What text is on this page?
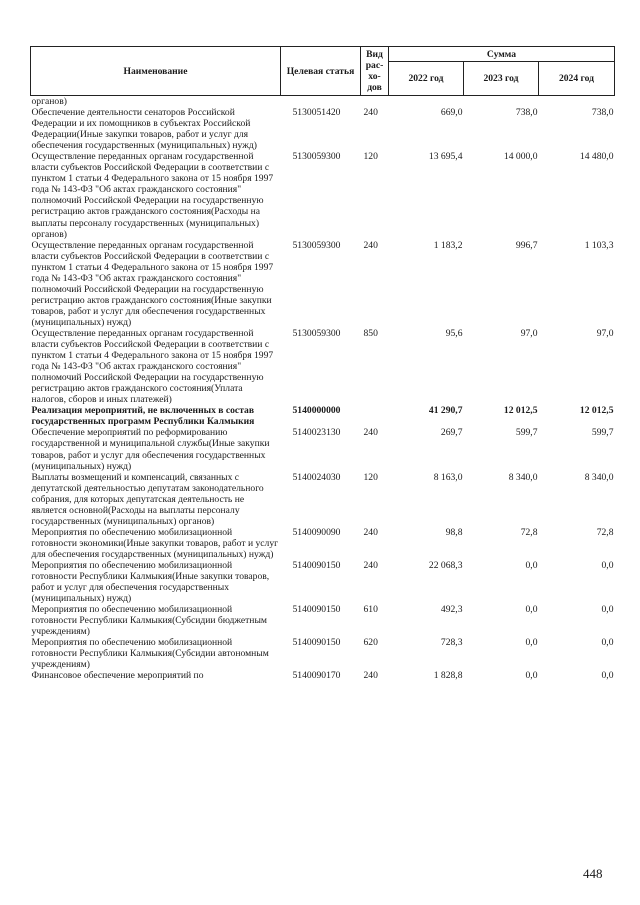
Наименование	Целевая статья	Вид рас-хо-дов	Сумма		
			2022 год	2023 год	2024 год
органов)					
Обеспечение деятельности сенаторов Российской Федерации и их помощников в субъектах Российской Федерации(Иные закупки товаров, работ и услуг для обеспечения государственных (муниципальных) нужд)	5130051420	240	669,0	738,0	738,0
Осуществление переданных органам государственной власти субъектов Российской Федерации в соответствии с пунктом 1 статьи 4 Федерального закона от 15 ноября 1997 года № 143-ФЗ "Об актах гражданского состояния" полномочий Российской Федерации на государственную регистрацию актов гражданского состояния(Расходы на выплаты персоналу государственных (муниципальных) органов)	5130059300	120	13 695,4	14 000,0	14 480,0
Осуществление переданных органам государственной власти субъектов Российской Федерации в соответствии с пунктом 1 статьи 4 Федерального закона от 15 ноября 1997 года № 143-ФЗ "Об актах гражданского состояния" полномочий Российской Федерации на государственную регистрацию актов гражданского состояния(Иные закупки товаров, работ и услуг для обеспечения государственных (муниципальных) нужд)	5130059300	240	1 183,2	996,7	1 103,3
Осуществление переданных органам государственной власти субъектов Российской Федерации в соответствии с пунктом 1 статьи 4 Федерального закона от 15 ноября 1997 года № 143-ФЗ "Об актах гражданского состояния" полномочий Российской Федерации на государственную регистрацию актов гражданского состояния(Уплата налогов, сборов и иных платежей)	5130059300	850	95,6	97,0	97,0
Реализация мероприятий, не включенных в состав государственных программ Республики Калмыкия	5140000000		41 290,7	12 012,5	12 012,5
Обеспечение мероприятий по реформированию государственной и муниципальной службы(Иные закупки товаров, работ и услуг для обеспечения государственных (муниципальных) нужд)	5140023130	240	269,7	599,7	599,7
Выплаты возмещений и компенсаций, связанных с депутатской деятельностью депутатам законодательного собрания, для которых депутатская деятельность не является основной(Расходы на выплаты персоналу государственных (муниципальных) органов)	5140024030	120	8 163,0	8 340,0	8 340,0
Мероприятия по обеспечению мобилизационной готовности экономики(Иные закупки товаров, работ и услуг для обеспечения государственных (муниципальных) нужд)	5140090090	240	98,8	72,8	72,8
Мероприятия по обеспечению мобилизационной готовности Республики Калмыкия(Иные закупки товаров, работ и услуг для обеспечения государственных (муниципальных) нужд)	5140090150	240	22 068,3	0,0	0,0
Мероприятия по обеспечению мобилизационной готовности Республики Калмыкия(Субсидии бюджетным учреждениям)	5140090150	610	492,3	0,0	0,0
Мероприятия по обеспечению мобилизационной готовности Республики Калмыкия(Субсидии автономным учреждениям)	5140090150	620	728,3	0,0	0,0
Финансовое обеспечение мероприятий по	5140090170	240	1 828,8	0,0	0,0
448
